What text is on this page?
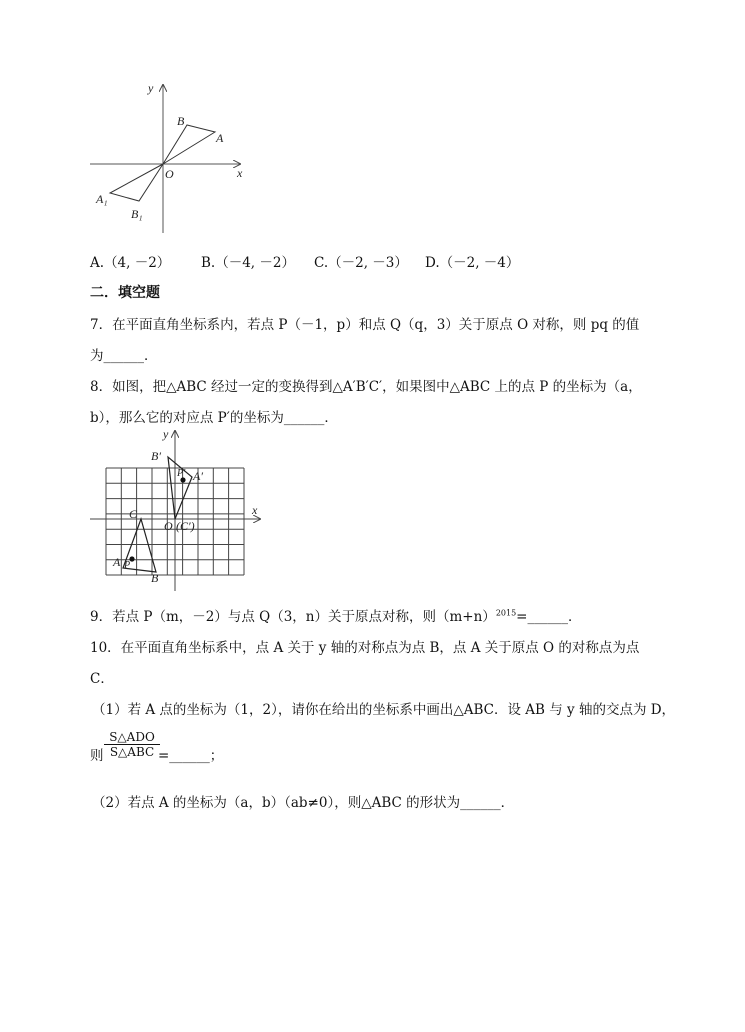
y
x
O
B
A
A₁
B₁
A.（4, －2） B.（－4, －2） C.（－2, －3） D.（－2, －4）
二．填空题
7．在平面直角坐标系内，若点 P（－1，p）和点 Q（q，3）关于原点 O 对称，则 pq 的值
为______．
8．如图，把△ABC 经过一定的变换得到△A′B′C′，如果图中△ABC 上的点 P 的坐标为（a，
b），那么它的对应点 P′的坐标为______．
y
x
B′
P′ A′
C
O (C′)
A P
B
9．若点 P（m，－2）与点 Q（3，n）关于原点对称，则$(m+n)^{2015}=\_\_\_\_\_\_$．
10．在平面直角坐标系中，点 A 关于 y 轴的对称点为点 B，点 A 关于原点 O 的对称点为点
C．
（1）若 A 点的坐标为（1，2），请你在给出的坐标系中画出△ABC．设 AB 与 y 轴的交点为 D，
则
S△ADO
S△ABC =______；
（2）若点 A 的坐标为（a，b）（ab≠0），则△ABC 的形状为______．
